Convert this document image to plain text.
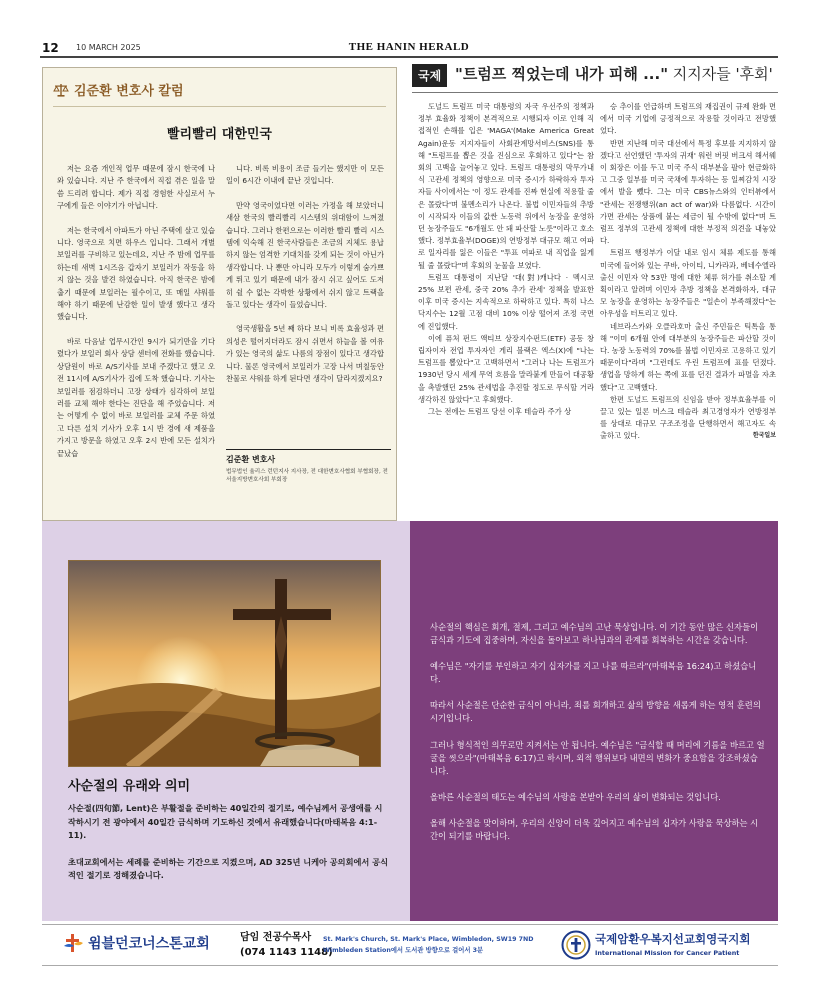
12 10 MARCH 2025	THE HANIN HERALD
김준환 변호사 칼럼
빨리빨리 대한민국

저는 요즘 개인적 업무 때문에 잠시 한국에 나와 있습니다. 지난 주 한국에서 직접 겪은 일을 말씀 드리려 합니다. 제가 직접 경험한 사실로서 누구에게 들은 이야기가 아닙니다.

저는 한국에서 아파트가 아닌 주택에 살고 있습니다. 영국으로 치면 하우스 입니다. 그래서 개별 보일러를 구비하고 있는데요, 지난 주 밤에 업무를 하는데 새벽 1시즈음 갑자기 보일러가 작동을 하지 않는 것을 발견 하였습니다. 아직 한국은 밤에 춥기 때문에 보일러는 필수이고, 또 매일 샤워를 해야 하기 때문에 난감한 일이 발생 했다고 생각 했습니다.

바로 다음날 업무시간인 9시가 되기만을 기다렸다가 보일러 회사 상담 센터에 전화를 했습니다. 상담원이 바로 A/S기사를 보내 주겠다고 했고 오전 11시에 A/S기사가 집에 도착 했습니다. 기사는 보일러를 점검하더니 고장 상태가 심각하여 보일러를 교체 해야 한다는 진단을 해 주었습니다. 저는 어떻게 수 없이 바로 보일러를 교체 주문 하였고 다른 설치 기사가 오후 1시 반 경에 새 제품을 가지고 방문을 하였고 오후 2시 반에 모든 설치가 끝났습

니다. 비록 비용이 조금 들기는 했지만 이 모든 일이 6시간 이내에 끝난 것입니다.

만약 영국이었다면 이러는 가정을 해 보았더니 새삼 한국의 빨리빨리 시스템의 위대함이 느껴졌습니다. 그러나 한편으로는 이러한 빨리 빨리 시스템에 익숙해 진 한국사람들은 조금의 지체도 용납하지 않는 엄격한 기대치를 갖게 되는 것이 아닌가 생각합니다. 나 뿐만 아니라 모두가 이렇게 숨가쁘게 뛰고 있기 때문에 내가 잠시 쉬고 싶어도 도저히 쉴 수 없는 각박한 상황에서 쉬지 않고 트랙을 돌고 있다는 생각이 들었습니다.

영국생활을 5년 째 하다 보니 비록 효율성과 편의성은 떨어지더라도 잠시 쉬면서 하늘을 볼 여유가 있는 영국의 삶도 나름의 장점이 있다고 생각합니다. 물론 영국에서 보일러가 고장 나서 며칠동안 찬물로 샤워를 하게 된다면 생각이 달라지겠지요?

김준환 변호사
법무법인 율리스 런던지사 지사장, 전 대한변호사협회 부협회장, 전 서울지방변호사회 부회장
국제 "트럼프 찍었는데 내가 피해 ..." 지지자들 '후회'

도널드 트럼프 미국 대통령의 자국 우선주의 정책과 정부 효율화 정책이 본격적으로 시행되자 이로 인해 직접적인 손해를 입은 'MAGA'(Make America Great Again)운동 지지자들이 사회관계망서비스(SNS)를 통해 "트럼프를 뽑은 것을 진심으로 후회하고 있다"는 참회의 고백을 늘어놓고 있다. 트럼프 대통령의 막무가내식 고관세 정책의 영향으로 미국 증시가 하락하자 투자자들 사이에서는 '이 정도 관세를 진짜 현실에 적용할 줄은 몰랐다'며 불멘소리가 나온다. 불법 이민자들의 추방이 시작되자 이들의 값싼 노동력 위에서 농장을 운영하던 농장주들도 "6개월도 안 돼 파산할 노릇"이라고 호소했다. 정부효율부(DOGE)의 연방정부 대규모 해고 여파로 일자리를 잃은 이들은 "투표 여파로 내 직업을 잃게 될 줄 몰랐다"며 후회의 눈물을 보였다.

트럼프 대통령이 지난달 '대(對)캐나다 · 멕시코 25% 보편 관세, 중국 20% 추가 관세' 정책을 발표한 이후 미국 증시는 지속적으로 하락하고 있다. 특히 나스닥지수는 12월 고점 대비 10% 이상 떨어져 조정 국면에 진입했다.

이에 퓨처 펀드 액티브 상장지수펀드(ETF) 공동 창립자이자 전업 투자자인 게리 블랙은 엑스(X)에 "나는 트럼프를 뽑았다"고 고백하면서 "그러나 나는 트럼프가 1930년 당시 세계 무역 흐름을 말라붙게 만들어 대공황을 촉발했던 25% 관세법을 추진할 정도로 무식할 거라 생각하진 않았다"고 후회했다.

그는 전에는 트럼프 당선 이후 테슬라 주가 상

승 추이를 언급하며 트럼프의 재집권이 규제 완화 면에서 미국 기업에 긍정적으로 작용할 것이라고 전망했었다.

반면 지난해 미국 대선에서 특정 후보를 지지하지 않겠다고 선언했던 '투자의 귀재' 워런 버핏 버크셔 해서웨이 회장은 이를 두고 미국 주식 대부분을 팔아 현금화하고 그중 일부를 미국 국채에 투자하는 등 일찌감치 시장에서 발을 뺐다. 그는 미국 CBS뉴스와의 인터뷰에서 "관세는 전쟁행위(an act of war)와 다름없다. 시간이 가면 관세는 상품에 붙는 세금이 될 수밖에 없다"며 트럼프 정부의 고관세 정책에 대한 부정적 의견을 내놓았다.

트럼프 행정부가 이달 내로 임시 체류 제도를 통해 미국에 들어와 있는 쿠바, 아이티, 니카라과, 베네수엘라 출신 이민자 약 53만 명에 대한 체류 허가를 취소할 계획이라고 알려며 이민자 추방 정책을 본격화하자, 대규모 농장을 운영하는 농장주들은 "일손이 부족해졌다"는 아우성을 터트리고 있다.

네브라스카와 오클라호마 출신 주민들은 틱톡을 통해 "이미 6개월 안에 대부분의 농장주들은 파산할 것이다. 농장 노동력의 70%를 불법 이민자로 고용하고 있기 때문이다"라며 "그런데도 우린 트럼프에 표를 던졌다. 생업을 망하게 하는 쪽에 표를 던진 결과가 파멸을 자초했다"고 고백했다.

한편 도널드 트럼프의 신임을 받아 정부효율부를 이끌고 있는 일론 머스크 테슬라 최고경영자가 연방정부를 상대로 대규모 구조조정을 단행하면서 해고자도 속출하고 있다.	한국일보

사순절의 유래와 의미

사순절(四旬節, Lent)은 부활절을 준비하는 40일간의 절기로, 예수님께서 공생애를 시작하시기 전 광야에서 40일간 금식하며 기도하신 것에서 유래했습니다(마태복음 4:1-11).

초대교회에서는 세례를 준비하는 기간으로 지켰으며, AD 325년 니케아 공의회에서 공식적인 절기로 정해졌습니다.

사순절의 핵심은 회개, 절제, 그리고 예수님의 고난 묵상입니다. 이 기간 동안 많은 신자들이 금식과 기도에 집중하며, 자신을 돌아보고 하나님과의 관계를 회복하는 시간을 갖습니다.

예수님은 "자기를 부인하고 자기 십자가를 지고 나를 따르라"(마태복음 16:24)고 하셨습니다.

따라서 사순절은 단순한 금식이 아니라, 죄를 회개하고 삶의 방향을 새롭게 하는 영적 훈련의 시기입니다.

그러나 형식적인 의무로만 지켜서는 안 됩니다. 예수님은 "금식할 때 머리에 기름을 바르고 얼굴을 씻으라"(마태복음 6:17)고 하시며, 외적 행위보다 내면의 변화가 중요함을 강조하셨습니다.

올바른 사순절의 태도는 예수님의 사랑을 본받아 우리의 삶이 변화되는 것입니다.

올해 사순절을 맞이하며, 우리의 신앙이 더욱 깊어지고 예수님의 십자가 사랑을 묵상하는 시간이 되기를 바랍니다.

윔블던코너스톤교회	담임 전공수목사
(074 1143 1148)
St. Mark's Church, St. Mark's Place, Wimbledon, SW19 7ND
Wimbleden Station에서 도서관 방향으로 걸어서 3분
국제암환우복지선교회영국지회
International Mission for Cancer Patient
